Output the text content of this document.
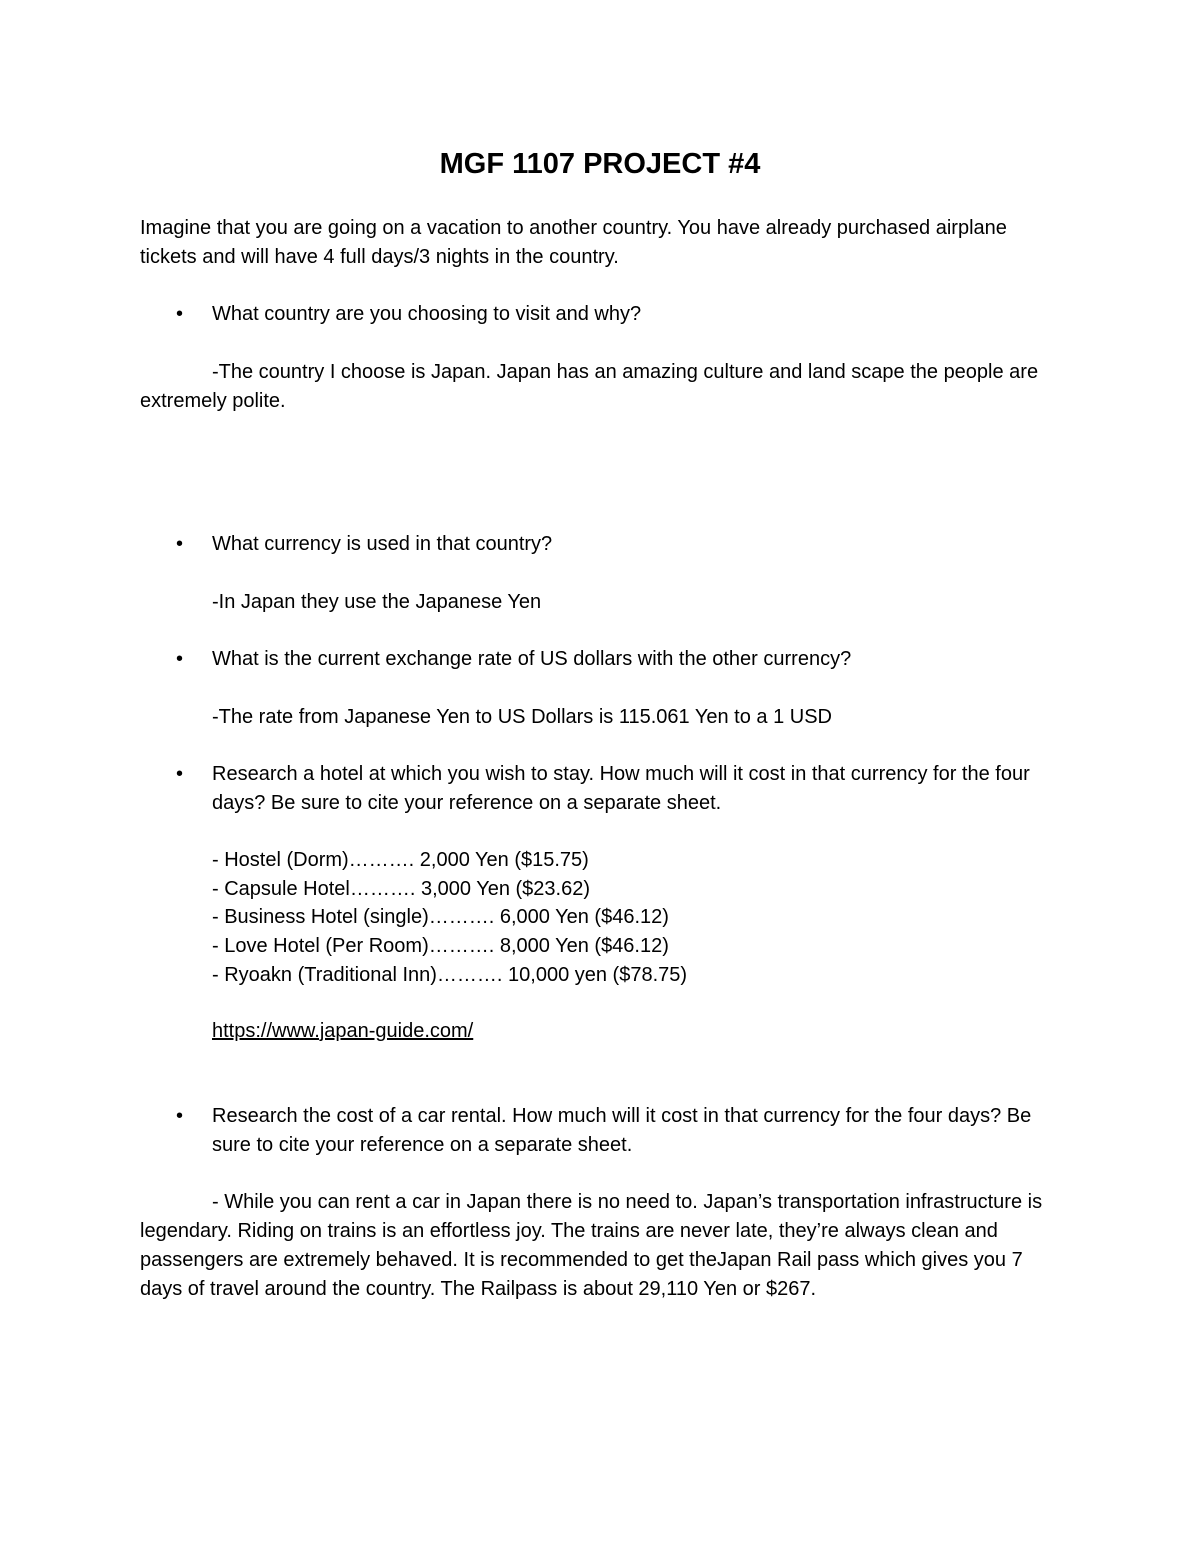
MGF 1107 PROJECT #4

Imagine that you are going on a vacation to another country. You have already purchased airplane tickets and will have 4 full days/3 nights in the country.

• What country are you choosing to visit and why?
-The country I choose is Japan. Japan has an amazing culture and land scape the people are extremely polite.
• What currency is used in that country?
-In Japan they use the Japanese Yen
• What is the current exchange rate of US dollars with the other currency?
-The rate from Japanese Yen to US Dollars is 115.061 Yen to a 1 USD
• Research a hotel at which you wish to stay. How much will it cost in that currency for the four days? Be sure to cite your reference on a separate sheet.
- Hostel (Dorm)………. 2,000 Yen ($15.75)
- Capsule Hotel………. 3,000 Yen ($23.62)
- Business Hotel (single)………. 6,000 Yen ($46.12)
- Love Hotel (Per Room)………. 8,000 Yen ($46.12)
- Ryoakn (Traditional Inn)………. 10,000 yen ($78.75)
https://www.japan-guide.com/
• Research the cost of a car rental. How much will it cost in that currency for the four days? Be sure to cite your reference on a separate sheet.
- While you can rent a car in Japan there is no need to. Japan’s transportation infrastructure is legendary. Riding on trains is an effortless joy. The trains are never late, they’re always clean and passengers are extremely behaved. It is recommended to get theJapan Rail pass which gives you 7 days of travel around the country. The Railpass is about 29,110 Yen or $267.
